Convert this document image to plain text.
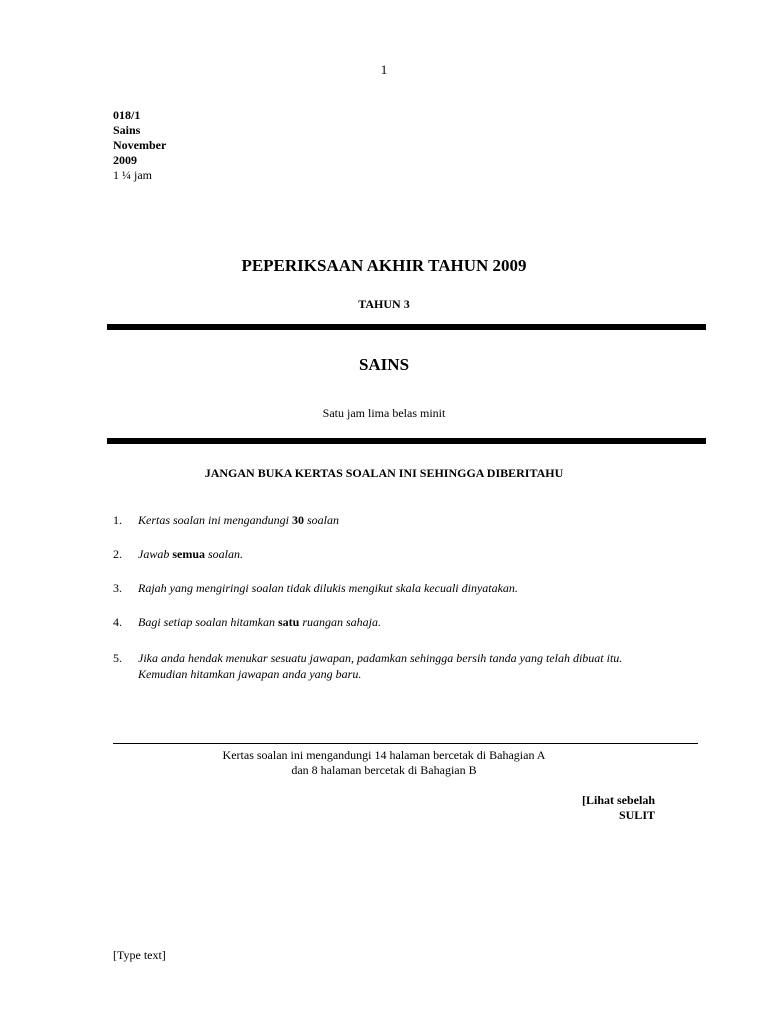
1
018/1
Sains
November
2009
1 ¼ jam
PEPERIKSAAN AKHIR TAHUN 2009
TAHUN 3
SAINS
Satu jam lima belas minit
JANGAN BUKA KERTAS SOALAN INI SEHINGGA DIBERITAHU
1. Kertas soalan ini mengandungi 30 soalan
2. Jawab semua soalan.
3. Rajah yang mengiringi soalan tidak dilukis mengikut skala kecuali dinyatakan.
4. Bagi setiap soalan hitamkan satu ruangan sahaja.
5. Jika anda hendak menukar sesuatu jawapan, padamkan sehingga bersih tanda yang telah dibuat itu.
Kemudian hitamkan jawapan anda yang baru.
Kertas soalan ini mengandungi 14 halaman bercetak di Bahagian A
dan 8 halaman bercetak di Bahagian B
[Lihat sebelah
SULIT
[Type text]
